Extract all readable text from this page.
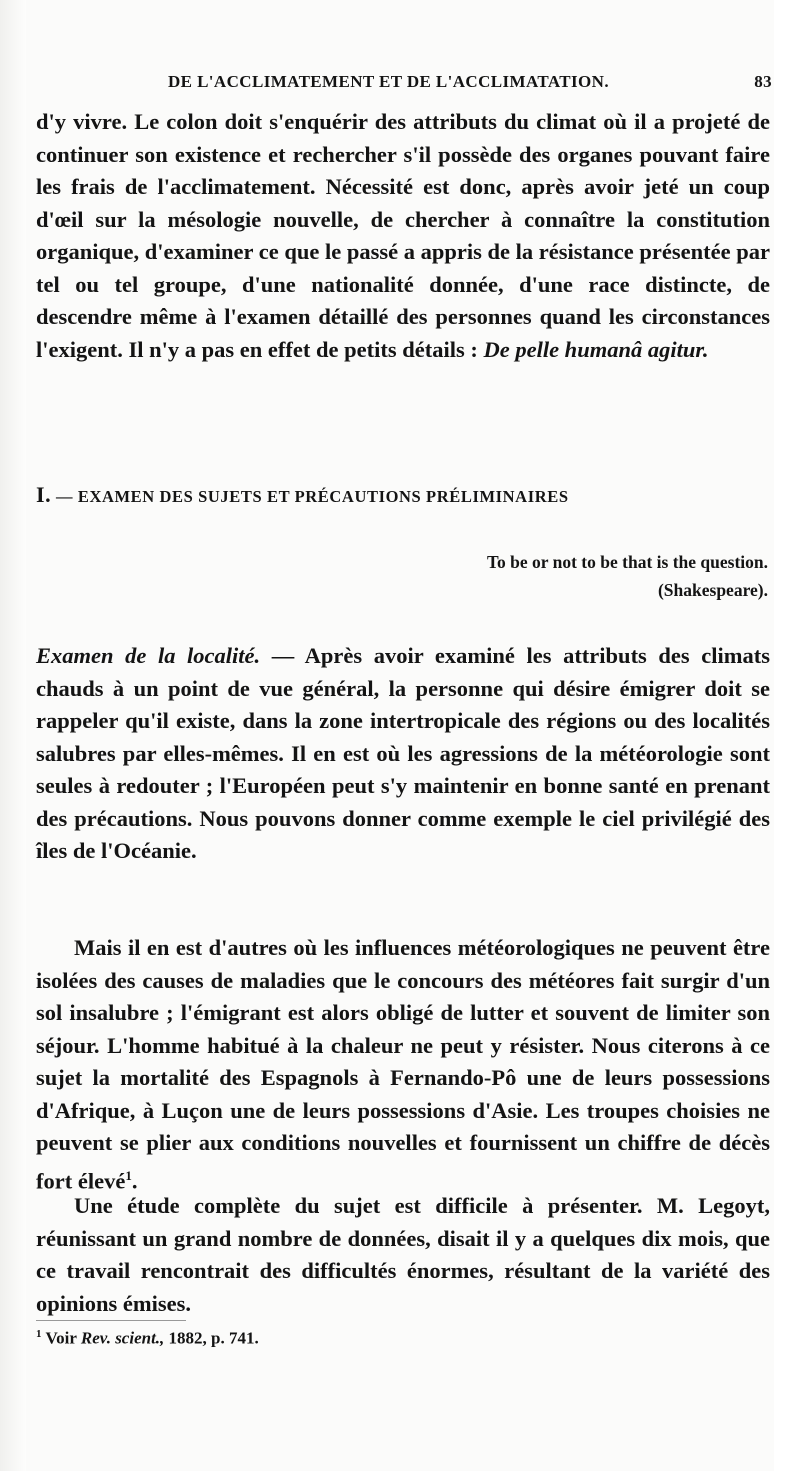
DE L'ACCLIMATEMENT ET DE L'ACCLIMATATION.	83
d'y vivre. Le colon doit s'enquérir des attributs du climat où il a projeté de continuer son existence et rechercher s'il possède des organes pouvant faire les frais de l'acclimatement. Nécessité est donc, après avoir jeté un coup d'œil sur la mésologie nouvelle, de chercher à connaître la constitution organique, d'examiner ce que le passé a appris de la résistance présentée par tel ou tel groupe, d'une nationalité donnée, d'une race distincte, de descendre même à l'examen détaillé des personnes quand les circonstances l'exigent. Il n'y a pas en effet de petits détails : De pelle humanâ agitur.
I. — EXAMEN DES SUJETS ET PRÉCAUTIONS PRÉLIMINAIRES
To be or not to be that is the question.
(Shakespeare).
Examen de la localité. — Après avoir examiné les attributs des climats chauds à un point de vue général, la personne qui désire émigrer doit se rappeler qu'il existe, dans la zone intertropicale des régions ou des localités salubres par elles-mêmes. Il en est où les agressions de la météorologie sont seules à redouter ; l'Européen peut s'y maintenir en bonne santé en prenant des précautions. Nous pouvons donner comme exemple le ciel privilégié des îles de l'Océanie.
Mais il en est d'autres où les influences météorologiques ne peuvent être isolées des causes de maladies que le concours des météores fait surgir d'un sol insalubre ; l'émigrant est alors obligé de lutter et souvent de limiter son séjour. L'homme habitué à la chaleur ne peut y résister. Nous citerons à ce sujet la mortalité des Espagnols à Fernando-Pô une de leurs possessions d'Afrique, à Luçon une de leurs possessions d'Asie. Les troupes choisies ne peuvent se plier aux conditions nouvelles et fournissent un chiffre de décès fort élevé$^1$.
Une étude complète du sujet est difficile à présenter. M. Legoyt, réunissant un grand nombre de données, disait il y a quelques dix mois, que ce travail rencontrait des difficultés énormes, résultant de la variété des opinions émises.
$^1$ Voir Rev. scient., 1882, p. 741.
